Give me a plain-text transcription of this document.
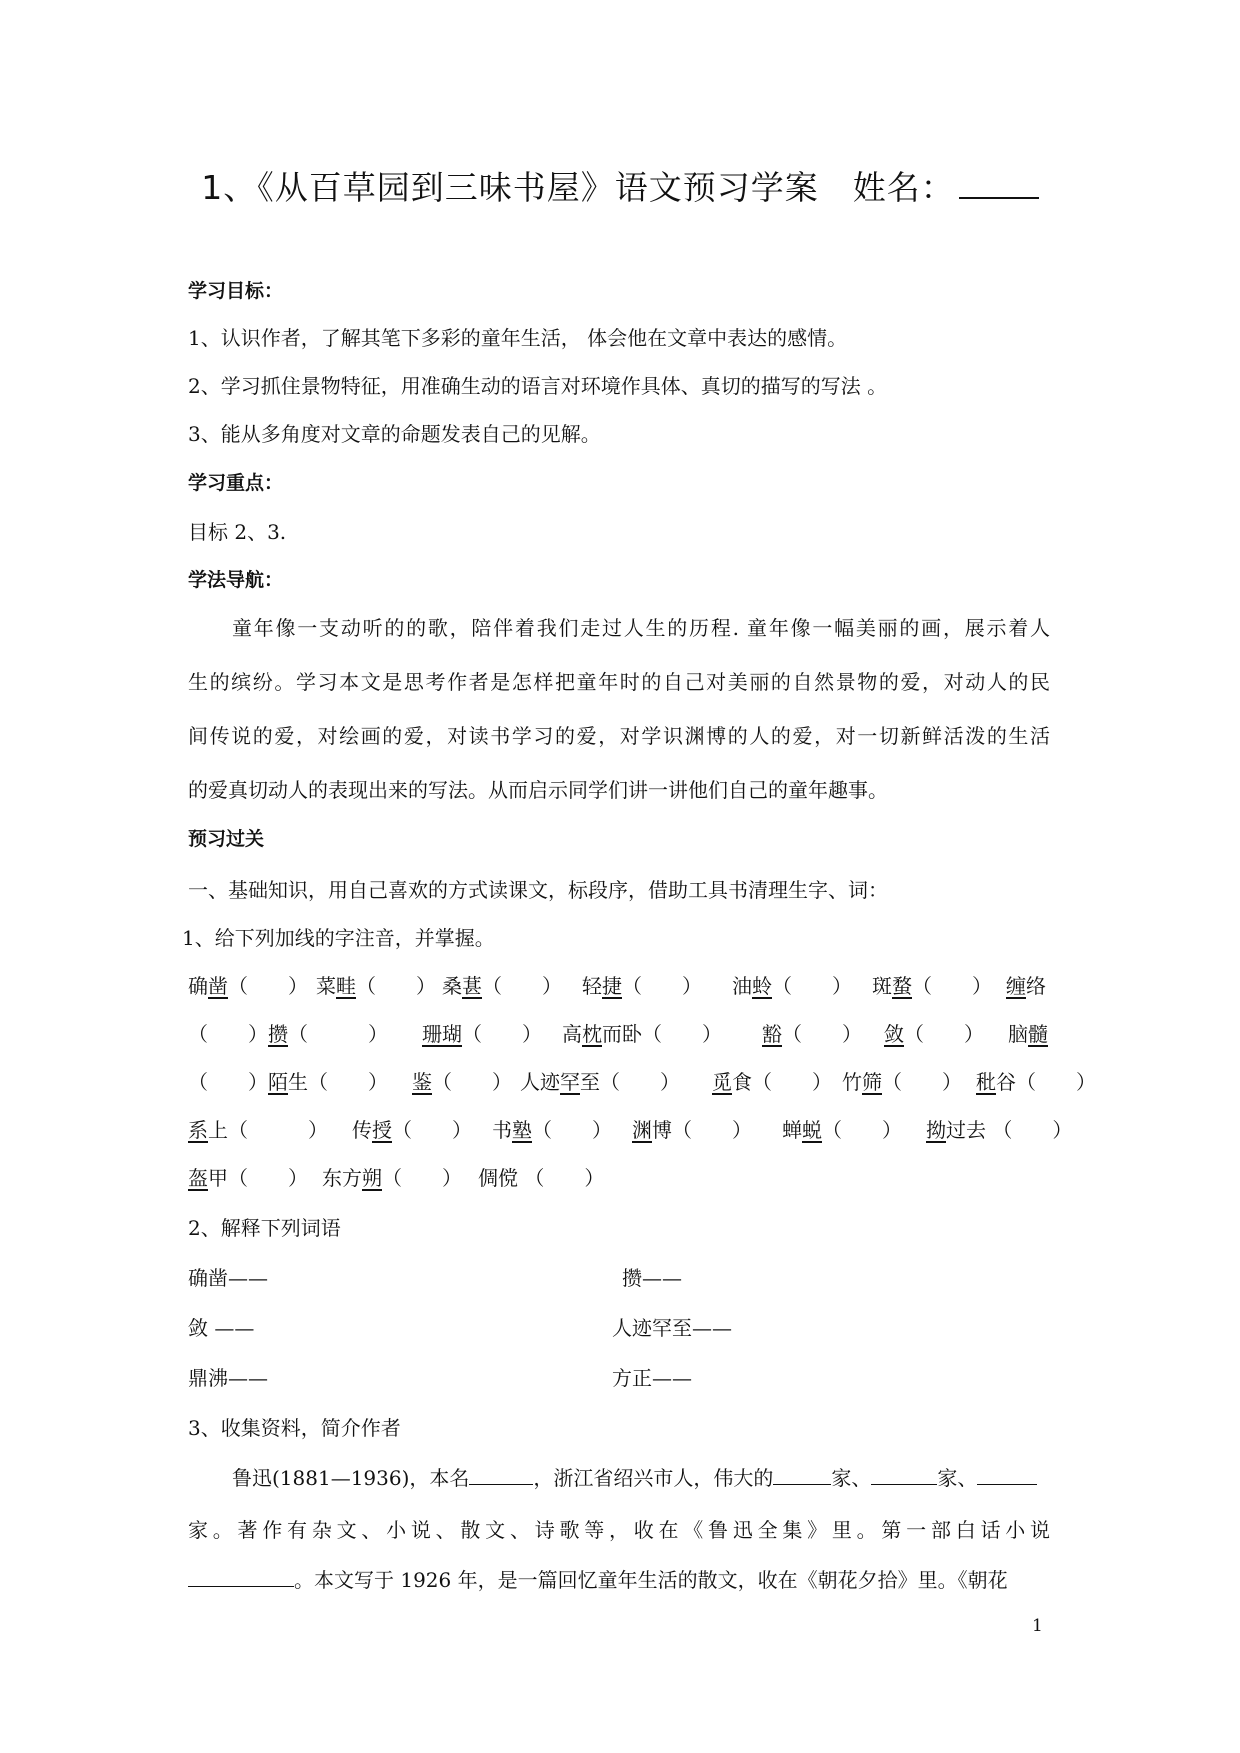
1、《从百草园到三味书屋》语文预习学案　姓名：
学习目标：
1、认识作者，了解其笔下多彩的童年生活， 体会他在文章中表达的感情。
2、学习抓住景物特征，用准确生动的语言对环境作具体、真切的描写的写法 。
3、能从多角度对文章的命题发表自己的见解。
学习重点：
目标 2、3.
学法导航：
童年像一支动听的的歌，陪伴着我们走过人生的历程. 童年像一幅美丽的画，展示着人
生的缤纷。学习本文是思考作者是怎样把童年时的自己对美丽的自然景物的爱，对动人的民
间传说的爱，对绘画的爱，对读书学习的爱，对学识渊博的人的爱，对一切新鲜活泼的生活
的爱真切动人的表现出来的写法。从而启示同学们讲一讲他们自己的童年趣事。
预习过关
一、基础知识，用自己喜欢的方式读课文，标段序，借助工具书清理生字、词：
1、给下列加线的字注音，并掌握。
确凿（　　） 菜畦（　　） 桑葚（　　） 轻捷（　　） 油蛉（　　） 斑蝥（　　） 缠络
（　　）攒（　　　） 珊瑚（　　） 高枕而卧（　　） 豁（　　） 敛（　　） 脑髓
（　　）陌生（　　） 鉴（　　） 人迹罕至（　　） 觅食（　　） 竹筛（　　） 秕谷（　　）
系上（　　　） 传授（　　） 书塾（　　） 渊博（　　） 蝉蜕（　　） 拗过去 （　　）
盔甲（　　） 东方朔（　　） 倜傥 （　　）
2、解释下列词语
确凿——	攒——
敛 ——	人迹罕至——
鼎沸——	方正——
3、收集资料，简介作者
鲁迅(1881—1936)，本名	，浙江省绍兴市人，伟大的	家、	家、
家。著作有杂文、小说、散文、诗歌等，收在《鲁迅全集》里。第一部白话小说
。本文写于 1926 年，是一篇回忆童年生活的散文，收在《朝花夕拾》里。《朝花
1
